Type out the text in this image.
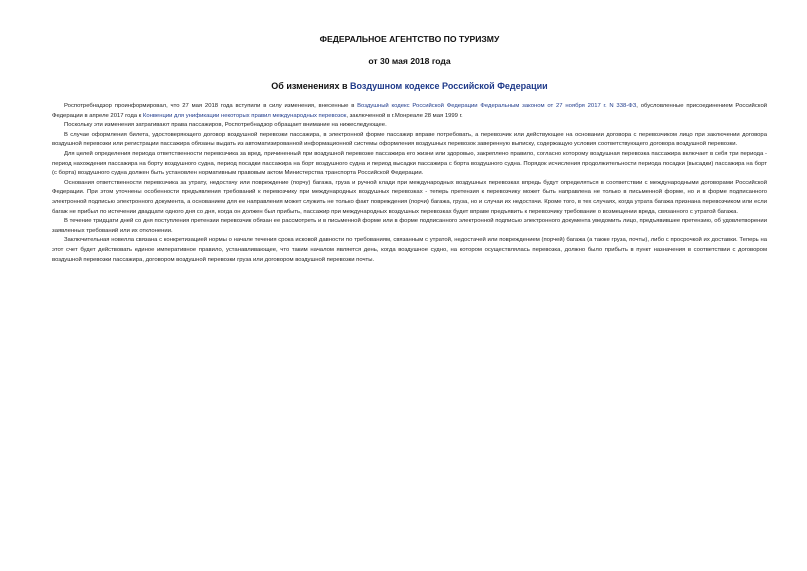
ФЕДЕРАЛЬНОЕ АГЕНТСТВО ПО ТУРИЗМУ
от 30 мая 2018 года
Об изменениях в Воздушном кодексе Российской Федерации

Роспотребнадзор проинформировал, что 27 мая 2018 года вступили в силу изменения, внесенные в Воздушный кодекс Российской Федерации Федеральным законом от 27 ноября 2017 г. N 338-ФЗ, обусловленные присоединением Российской Федерации в апреле 2017 года к Конвенции для унификации некоторых правил международных перевозок, заключенной в г.Монреале 28 мая 1999 г.

Поскольку эти изменения затрагивают права пассажиров, Роспотребнадзор обращает внимание на нижеследующее.

В случае оформления билета, удостоверяющего договор воздушной перевозки пассажира, в электронной форме пассажир вправе потребовать, а перевозчик или действующее на основании договора с перевозчиком лицо при заключении договора воздушной перевозки или регистрации пассажира обязаны выдать из автоматизированной информационной системы оформления воздушных перевозок заверенную выписку, содержащую условия соответствующего договора воздушной перевозки.

Для целей определения периода ответственности перевозчика за вред, причиненный при воздушной перевозке пассажира его жизни или здоровью, закреплено правило, согласно которому воздушная перевозка пассажира включает в себя три периода - период нахождения пассажира на борту воздушного судна, период посадки пассажира на борт воздушного судна и период высадки пассажира с борта воздушного судна. Порядок исчисления продолжительности периода посадки (высадки) пассажира на борт (с борта) воздушного судна должен быть установлен нормативным правовым актом Министерства транспорта Российской Федерации.

Основания ответственности перевозчика за утрату, недостачу или повреждение (порчу) багажа, груза и ручной клади при международных воздушных перевозках впредь будут определяться в соответствии с международными договорами Российской Федерации. При этом уточнены особенности предъявления требований к перевозчику при международных воздушных перевозках - теперь претензия к перевозчику может быть направлена не только в письменной форме, но и в форме подписанного электронной подписью электронного документа, а основанием для ее направления может служить не только факт повреждения (порчи) багажа, груза, но и случаи их недостачи. Кроме того, в тех случаях, когда утрата багажа признана перевозчиком или если багаж не прибыл по истечении двадцати одного дня со дня, когда он должен был прибыть, пассажир при международных воздушных перевозках будет вправе предъявить к перевозчику требование о возмещении вреда, связанного с утратой багажа.

В течение тридцати дней со дня поступления претензии перевозчик обязан ее рассмотреть и в письменной форме или в форме подписанного электронной подписью электронного документа уведомить лицо, предъявившее претензию, об удовлетворении заявленных требований или их отклонении.

Заключительная новелла связана с конкретизацией нормы о начале течения срока исковой давности по требованиям, связанным с утратой, недостачей или повреждением (порчей) багажа (а также груза, почты), либо с просрочкой их доставки. Теперь на этот счет будет действовать единое императивное правило, устанавливающее, что таким началом является день, когда воздушное судно, на котором осуществлялась перевозка, должно было прибыть в пункт назначения в соответствии с договором воздушной перевозки пассажира, договором воздушной перевозки груза или договором воздушной перевозки почты.
